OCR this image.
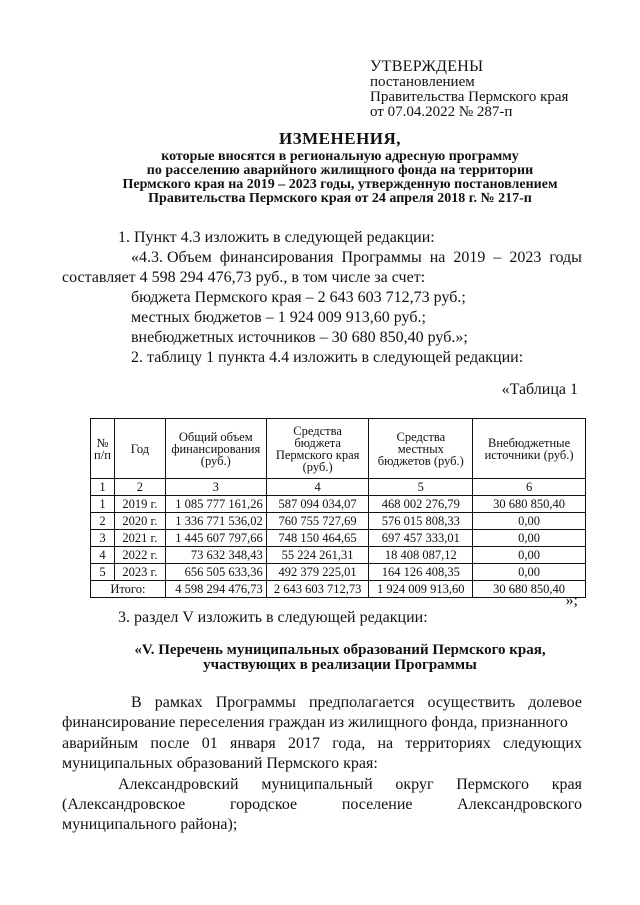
УТВЕРЖДЕНЫ
постановлением
Правительства Пермского края
от 07.04.2022 № 287-п
ИЗМЕНЕНИЯ,
которые вносятся в региональную адресную программу
по расселению аварийного жилищного фонда на территории
Пермского края на 2019 – 2023 годы, утвержденную постановлением
Правительства Пермского края от 24 апреля 2018 г. № 217-п
1. Пункт 4.3 изложить в следующей редакции:
«4.3. Объем финансирования Программы на 2019 – 2023 годы
составляет 4 598 294 476,73 руб., в том числе за счет:
бюджета Пермского края – 2 643 603 712,73 руб.;
местных бюджетов – 1 924 009 913,60 руб.;
внебюджетных источников – 30 680 850,40 руб.»;
2. таблицу 1 пункта 4.4 изложить в следующей редакции:
«Таблица 1
№ п/п	Год	Общий объем финансирования (руб.)	Средства бюджета Пермского края (руб.)	Средства местных бюджетов (руб.)	Внебюджетные источники (руб.)
1	2	3	4	5	6
1	2019 г.	1 085 777 161,26	587 094 034,07	468 002 276,79	30 680 850,40
2	2020 г.	1 336 771 536,02	760 755 727,69	576 015 808,33	0,00
3	2021 г.	1 445 607 797,66	748 150 464,65	697 457 333,01	0,00
4	2022 г.	73 632 348,43	55 224 261,31	18 408 087,12	0,00
5	2023 г.	656 505 633,36	492 379 225,01	164 126 408,35	0,00
Итого:		4 598 294 476,73	2 643 603 712,73	1 924 009 913,60	30 680 850,40
»;
3. раздел V изложить в следующей редакции:
«V. Перечень муниципальных образований Пермского края,
участвующих в реализации Программы
В рамках Программы предполагается осуществить долевое
финансирование переселения граждан из жилищного фонда, признанного
аварийным после 01 января 2017 года, на территориях следующих
муниципальных образований Пермского края:
Александровский муниципальный округ Пермского края
(Александровское	городское	поселение	Александровского
муниципального района);
